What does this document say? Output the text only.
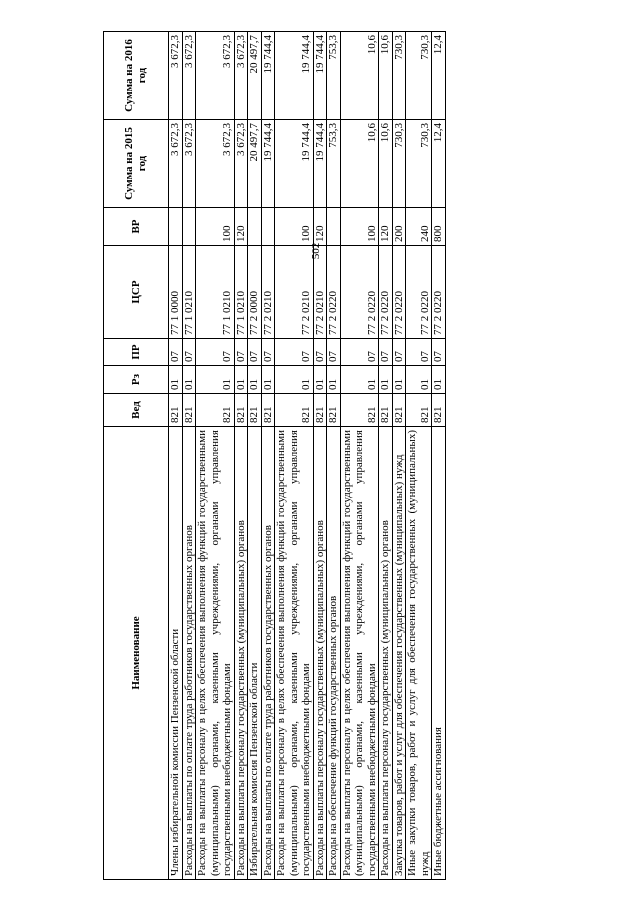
502
Наименование	Вед	Рз	ПР	ЦСР	ВР	Сумма на 2015 год	Сумма на 2016 год
Члены избирательной комиссии Пензенской области	821	01	07	77 1 0000		3 672,3	3 672,3
Расходы на выплаты по оплате труда работников государственных органов	821	01	07	77 1 0210		3 672,3	3 672,3
Расходы на выплаты персоналу в целях обеспечения выполнения функций государственными (муниципальными) органами, казенными учреждениями, органами управления государственными внебюджетными фондами	821	01	07	77 1 0210	100	3 672,3	3 672,3
Расходы на выплаты персоналу государственных (муниципальных) органов	821	01	07	77 1 0210	120	3 672,3	3 672,3
Избирательная комиссия Пензенской области	821	01	07	77 2 0000		20 497,7	20 497,7
Расходы на выплаты по оплате труда работников государственных органов	821	01	07	77 2 0210		19 744,4	19 744,4
Расходы на выплаты персоналу в целях обеспечения выполнения функций государственными (муниципальными) органами, казенными учреждениями, органами управления государственными внебюджетными фондами	821	01	07	77 2 0210	100	19 744,4	19 744,4
Расходы на выплаты персоналу государственных (муниципальных) органов	821	01	07	77 2 0210	120	19 744,4	19 744,4
Расходы на обеспечение функций государственных органов	821	01	07	77 2 0220		753,3	753,3
Расходы на выплаты персоналу в целях обеспечения выполнения функций государственными (муниципальными) органами, казенными учреждениями, органами управления государственными внебюджетными фондами	821	01	07	77 2 0220	100	10,6	10,6
Расходы на выплаты персоналу государственных (муниципальных) органов	821	01	07	77 2 0220	120	10,6	10,6
Закупка товаров, работ и услуг для обеспечения государственных (муниципальных) нужд	821	01	07	77 2 0220	200	730,3	730,3
Иные закупки товаров, работ и услуг для обеспечения государственных (муниципальных) нужд	821	01	07	77 2 0220	240	730,3	730,3
Иные бюджетные ассигнования	821	01	07	77 2 0220	800	12,4	12,4
